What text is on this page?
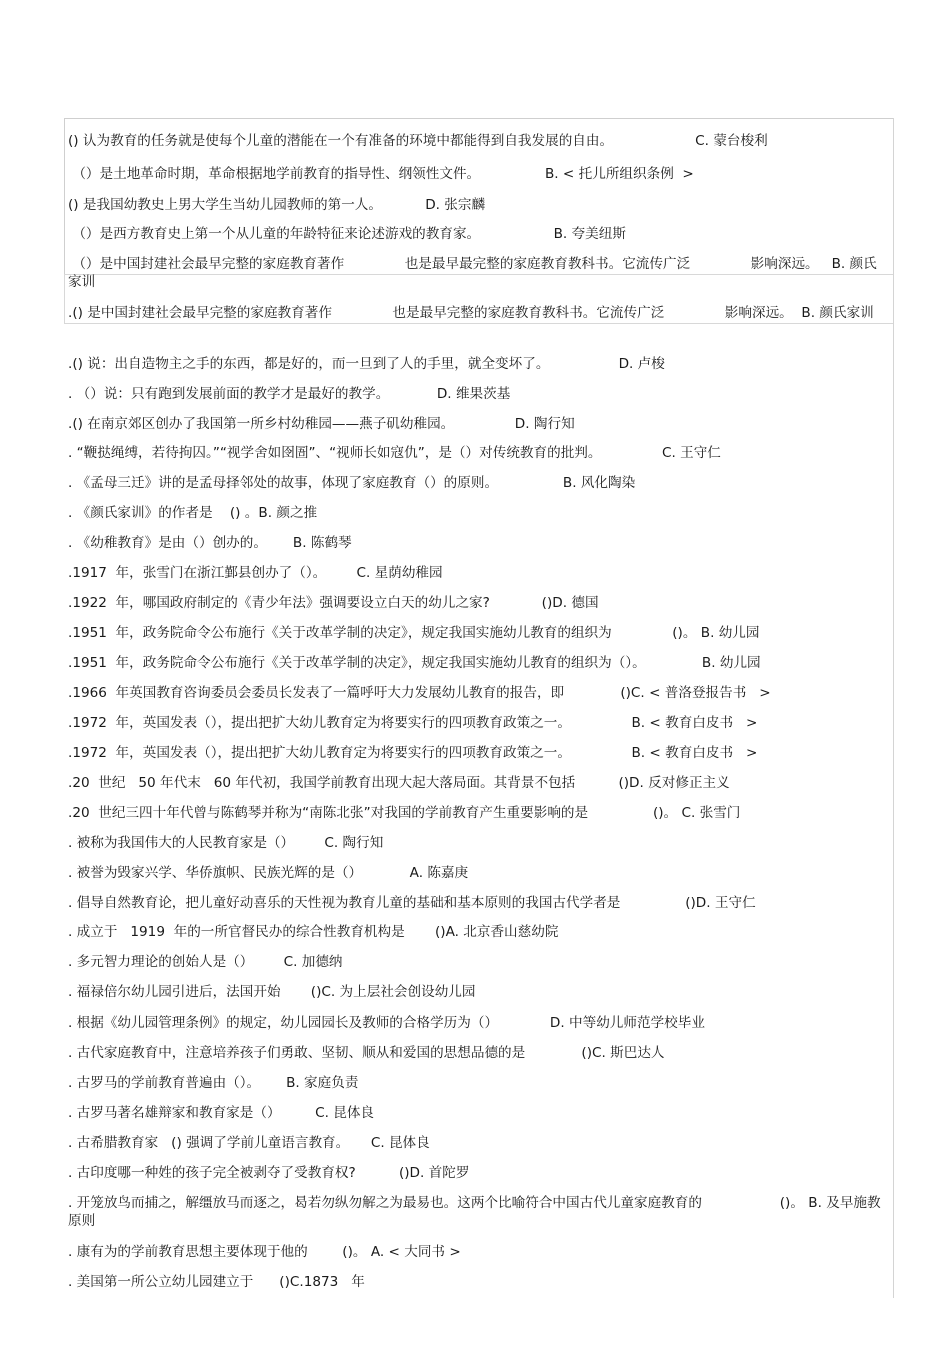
() 认为教育的任务就是使每个儿童的潜能在一个有准备的环境中都能得到自我发展的自由。                   C. 蒙台梭利
（）是土地革命时期，革命根据地学前教育的指导性、纲领性文件。               B. < 托儿所组织条例  >
() 是我国幼教史上男大学生当幼儿园教师的第一人。          D. 张宗麟
（）是西方教育史上第一个从儿童的年龄特征来论述游戏的教育家。                 B. 夸美纽斯
（）是中国封建社会最早完整的家庭教育著作              也是最早最完整的家庭教育教科书。它流传广泛              影响深远。   B. 颜氏家训
.() 是中国封建社会最早完整的家庭教育著作              也是最早完整的家庭教育教科书。它流传广泛              影响深远。  B. 颜氏家训
.() 说：出自造物主之手的东西，都是好的，而一旦到了人的手里，就全变坏了。                D. 卢梭
. （）说：只有跑到发展前面的教学才是最好的教学。           D. 维果茨基
.() 在南京郊区创办了我国第一所乡村幼稚园——燕子矶幼稚园。              D. 陶行知
. “鞭挞绳缚，若待拘囚。”“视学舍如囹圄”、“视师长如寇仇”，是（）对传统教育的批判。              C. 王守仁
. 《孟母三迁》讲的是孟母择邻处的故事，体现了家庭教育（）的原则。               B. 风化陶染
. 《颜氏家训》的作者是    () 。B. 颜之推
. 《幼稚教育》是由（）创办的。      B. 陈鹤琴
.1917  年，张雪门在浙江鄞县创办了（）。       C. 星荫幼稚园
.1922  年，哪国政府制定的《青少年法》强调要设立白天的幼儿之家?            ()D. 德国
.1951  年，政务院命令公布施行《关于改革学制的决定》，规定我国实施幼儿教育的组织为              ()。 B. 幼儿园
.1951  年，政务院命令公布施行《关于改革学制的决定》，规定我国实施幼儿教育的组织为（）。             B. 幼儿园
.1966  年英国教育咨询委员会委员长发表了一篇呼吁大力发展幼儿教育的报告，即             ()C. < 普洛登报告书   >
.1972  年，英国发表（），提出把扩大幼儿教育定为将要实行的四项教育政策之一。              B. < 教育白皮书   >
.1972  年，英国发表（），提出把扩大幼儿教育定为将要实行的四项教育政策之一。              B. < 教育白皮书   >
.20  世纪   50 年代末   60 年代初，我国学前教育出现大起大落局面。其背景不包括          ()D. 反对修正主义
.20  世纪三四十年代曾与陈鹤琴并称为“南陈北张”对我国的学前教育产生重要影响的是               ()。 C. 张雪门
. 被称为我国伟大的人民教育家是（）       C. 陶行知
. 被誉为毁家兴学、华侨旗帜、民族光辉的是（）           A. 陈嘉庚
. 倡导自然教育论，把儿童好动喜乐的天性视为教育儿童的基础和基本原则的我国古代学者是               ()D. 王守仁
. 成立于   1919  年的一所官督民办的综合性教育机构是       ()A. 北京香山慈幼院
. 多元智力理论的创始人是（）       C. 加德纳
. 福禄倍尔幼儿园引进后，法国开始       ()C. 为上层社会创设幼儿园
. 根据《幼儿园管理条例》的规定，幼儿园园长及教师的合格学历为（）            D. 中等幼儿师范学校毕业
. 古代家庭教育中，注意培养孩子们勇敢、坚韧、顺从和爱国的思想品德的是             ()C. 斯巴达人
. 古罗马的学前教育普遍由（）。      B. 家庭负责
. 古罗马著名雄辩家和教育家是（）        C. 昆体良
. 古希腊教育家   () 强调了学前儿童语言教育。     C. 昆体良
. 古印度哪一种姓的孩子完全被剥夺了受教育权?          ()D. 首陀罗
. 开笼放鸟而捕之，解缰放马而逐之，曷若勿纵勿解之为最易也。这两个比喻符合中国古代儿童家庭教育的                  ()。 B. 及早施教原则
. 康有为的学前教育思想主要体现于他的        ()。 A. < 大同书 >
. 美国第一所公立幼儿园建立于      ()C.1873   年
